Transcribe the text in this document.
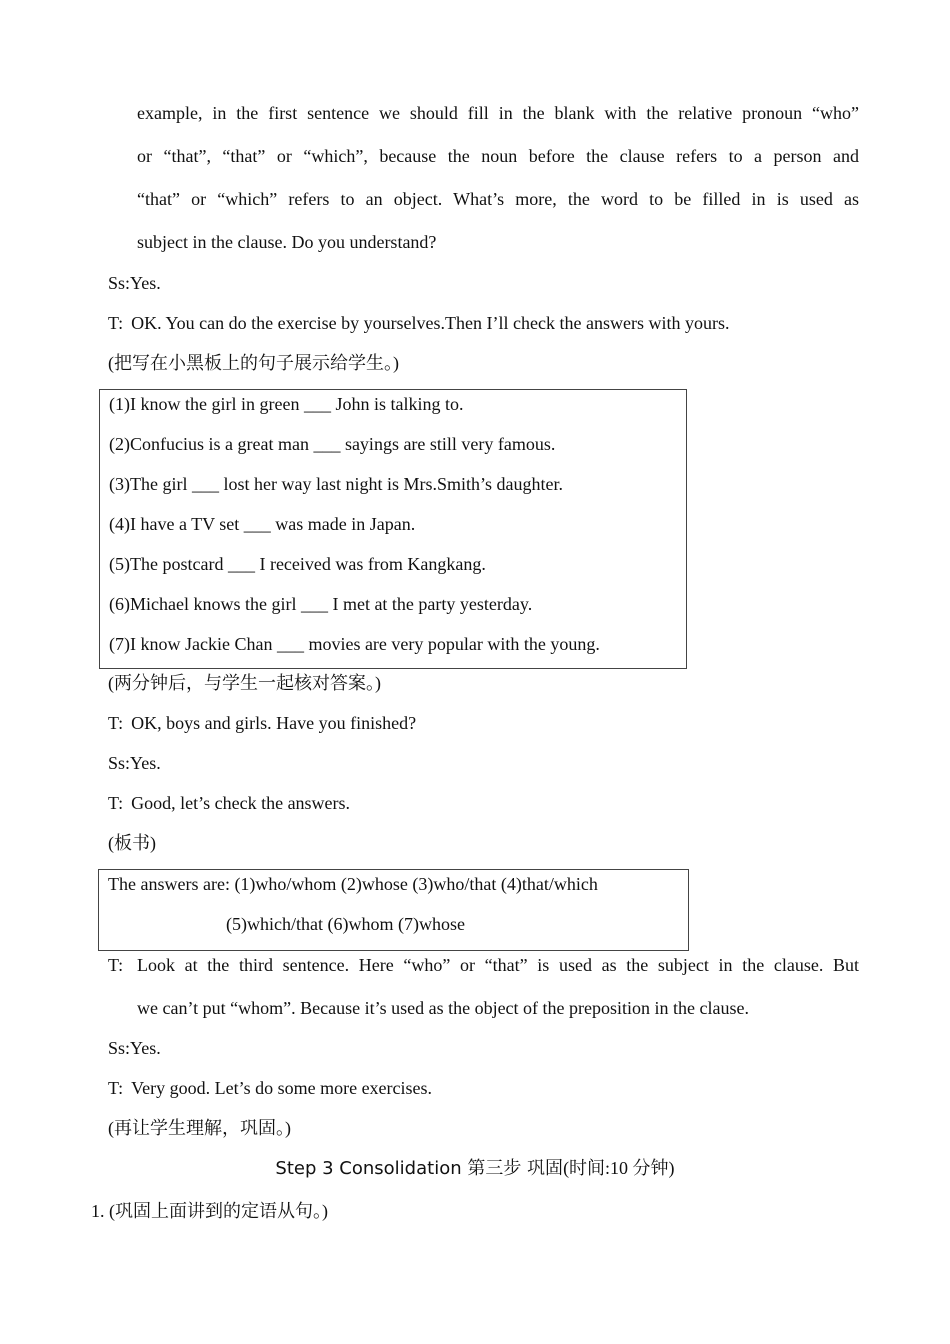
example, in the first sentence we should fill in the blank with the relative pronoun “who”
or “that”, “that” or “which”, because the noun before the clause refers to a person and
“that” or “which” refers to an object. What’s more, the word to be filled in is used as
subject in the clause. Do you understand?
Ss:Yes.
T: OK. You can do the exercise by yourselves.Then I’ll check the answers with yours.
(把写在小黑板上的句子展示给学生。)
(1)I know the girl in green ___ John is talking to.
(2)Confucius is a great man ___ sayings are still very famous.
(3)The girl ___ lost her way last night is Mrs.Smith’s daughter.
(4)I have a TV set ___ was made in Japan.
(5)The postcard ___ I received was from Kangkang.
(6)Michael knows the girl ___ I met at the party yesterday.
(7)I know Jackie Chan ___ movies are very popular with the young.
(两分钟后，与学生一起核对答案。)
T: OK, boys and girls. Have you finished?
Ss:Yes.
T: Good, let’s check the answers.
(板书)
The answers are: (1)who/whom (2)whose (3)who/that (4)that/which
(5)which/that (6)whom (7)whose
T: Look at the third sentence. Here “who” or “that” is used as the subject in the clause. But
we can’t put “whom”. Because it’s used as the object of the preposition in the clause.
Ss:Yes.
T: Very good. Let’s do some more exercises.
(再让学生理解，巩固。)
Step 3 Consolidation 第三步 巩固(时间:10 分钟)
1. (巩固上面讲到的定语从句。)
